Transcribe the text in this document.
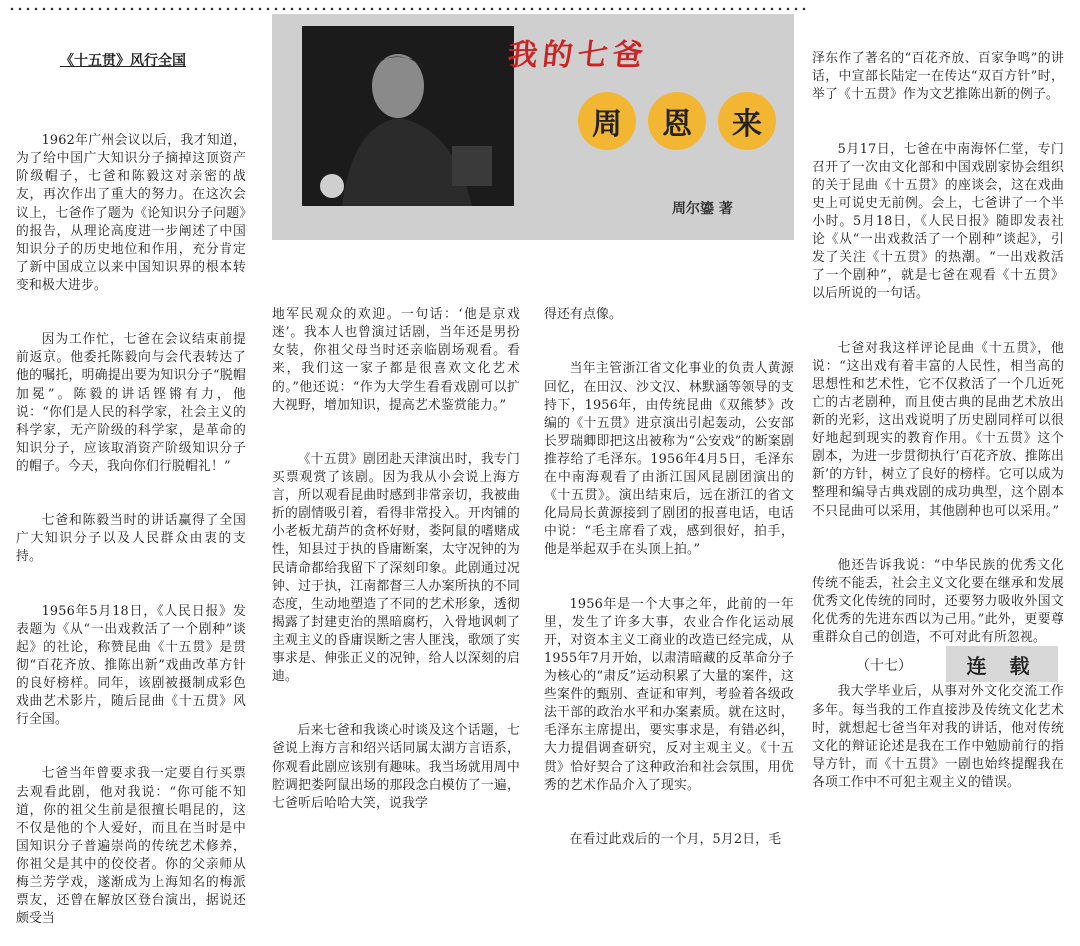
《十五贯》风行全国	我的七爸
周	恩	来
周尔鎏 著

1962年广州会议以后，我才知道，为了给中国广大知识分子摘掉这顶资产阶级帽子，七爸和陈毅这对亲密的战友，再次作出了重大的努力。在这次会议上，七爸作了题为《论知识分子问题》的报告，从理论高度进一步阐述了中国知识分子的历史地位和作用，充分肯定了新中国成立以来中国知识界的根本转变和极大进步。

因为工作忙，七爸在会议结束前提前返京。他委托陈毅向与会代表转达了他的嘱托，明确提出要为知识分子“脱帽加冕”。陈毅的讲话铿锵有力，他说：“你们是人民的科学家，社会主义的科学家，无产阶级的科学家，是革命的知识分子，应该取消资产阶级知识分子的帽子。今天，我向你们行脱帽礼！”

七爸和陈毅当时的讲话赢得了全国广大知识分子以及人民群众由衷的支持。

1956年5月18日，《人民日报》发表题为《从“一出戏救活了一个剧种”谈起》的社论，称赞昆曲《十五贯》是贯彻“百花齐放、推陈出新”戏曲改革方针的良好榜样。同年，该剧被摄制成彩色戏曲艺术影片，随后昆曲《十五贯》风行全国。

七爸当年曾要求我一定要自行买票去观看此剧，他对我说：“你可能不知道，你的祖父生前是很擅长唱昆的，这不仅是他的个人爱好，而且在当时是中国知识分子普遍崇尚的传统艺术修养，你祖父是其中的佼佼者。你的父亲师从梅兰芳学戏，遂渐成为上海知名的梅派票友，还曾在解放区登台演出，据说还颇受当

地军民观众的欢迎。一句话：‘他是京戏迷’。我本人也曾演过话剧，当年还是男扮女装，你祖父母当时还亲临剧场观看。看来，我们这一家子都是很喜欢文化艺术的。”他还说：“作为大学生看看戏剧可以扩大视野，增加知识，提高艺术鉴赏能力。”

《十五贯》剧团赴天津演出时，我专门买票观赏了该剧。因为我从小会说上海方言，所以观看昆曲时感到非常亲切，我被曲折的剧情吸引着，看得非常投入。开肉铺的小老板尤葫芦的贪杯好财，娄阿鼠的嗜赌成性，知县过于执的昏庸断案，太守况钟的为民请命都给我留下了深刻印象。此剧通过况钟、过于执，江南都督三人办案所执的不同态度，生动地塑造了不同的艺术形象，透彻揭露了封建吏治的黑暗腐朽，入骨地讽刺了主观主义的昏庸误断之害人匪浅，歌颂了实事求是、伸张正义的况钟，给人以深刻的启迪。

后来七爸和我谈心时谈及这个话题，七爸说上海方言和绍兴话同属太湖方言语系，你观看此剧应该别有趣味。我当场就用周中腔调把娄阿鼠出场的那段念白模仿了一遍，七爸听后哈哈大笑，说我学

得还有点像。

当年主管浙江省文化事业的负责人黄源回忆，在田汉、沙文汉、林默涵等领导的支持下，1956年，由传统昆曲《双熊梦》改编的《十五贯》进京演出引起轰动，公安部长罗瑞卿即把这出被称为“公安戏”的断案剧推荐给了毛泽东。1956年4月5日，毛泽东在中南海观看了由浙江国风昆剧团演出的《十五贯》。演出结束后，远在浙江的省文化局局长黄源接到了剧团的报喜电话，电话中说：“毛主席看了戏，感到很好，拍手，他是举起双手在头顶上拍。”

1956年是一个大事之年，此前的一年里，发生了许多大事，农业合作化运动展开，对资本主义工商业的改造已经完成，从1955年7月开始，以肃清暗藏的反革命分子为核心的“肃反”运动积累了大量的案件，这些案件的甄别、查证和审判，考验着各级政法干部的政治水平和办案素质。就在这时，毛泽东主席提出，要实事求是，有错必纠，大力提倡调查研究，反对主观主义。《十五贯》恰好契合了这种政治和社会氛围，用优秀的艺术作品介入了现实。

在看过此戏后的一个月，5月2日，毛

泽东作了著名的“百花齐放、百家争鸣”的讲话，中宣部长陆定一在传达“双百方针”时，举了《十五贯》作为文艺推陈出新的例子。

5月17日，七爸在中南海怀仁堂，专门召开了一次由文化部和中国戏剧家协会组织的关于昆曲《十五贯》的座谈会，这在戏曲史上可说史无前例。会上，七爸讲了一个半小时。5月18日，《人民日报》随即发表社论《从“一出戏救活了一个剧种”谈起》，引发了关注《十五贯》的热潮。“一出戏救活了一个剧种”，就是七爸在观看《十五贯》以后所说的一句话。

七爸对我这样评论昆曲《十五贯》，他说：“这出戏有着丰富的人民性，相当高的思想性和艺术性，它不仅救活了一个几近死亡的古老剧种，而且使古典的昆曲艺术放出新的光彩，这出戏说明了历史剧同样可以很好地起到现实的教育作用。《十五贯》这个剧本，为进一步贯彻执行‘百花齐放、推陈出新’的方针，树立了良好的榜样。它可以成为整理和编导古典戏剧的成功典型，这个剧本不只昆曲可以采用，其他剧种也可以采用。”

他还告诉我说：“中华民族的优秀文化传统不能丢，社会主义文化要在继承和发展优秀文化传统的同时，还要努力吸收外国文化优秀的先进东西以为己用。”此外，更要尊重群众自己的创造，不可对此有所忽视。

我大学毕业后，从事对外文化交流工作多年。每当我的工作直接涉及传统文化艺术时，就想起七爸当年对我的讲话，他对传统文化的辩证论述是我在工作中勉励前行的指导方针，而《十五贯》一剧也始终提醒我在各项工作中不可犯主观主义的错误。

（十七）	连 载
